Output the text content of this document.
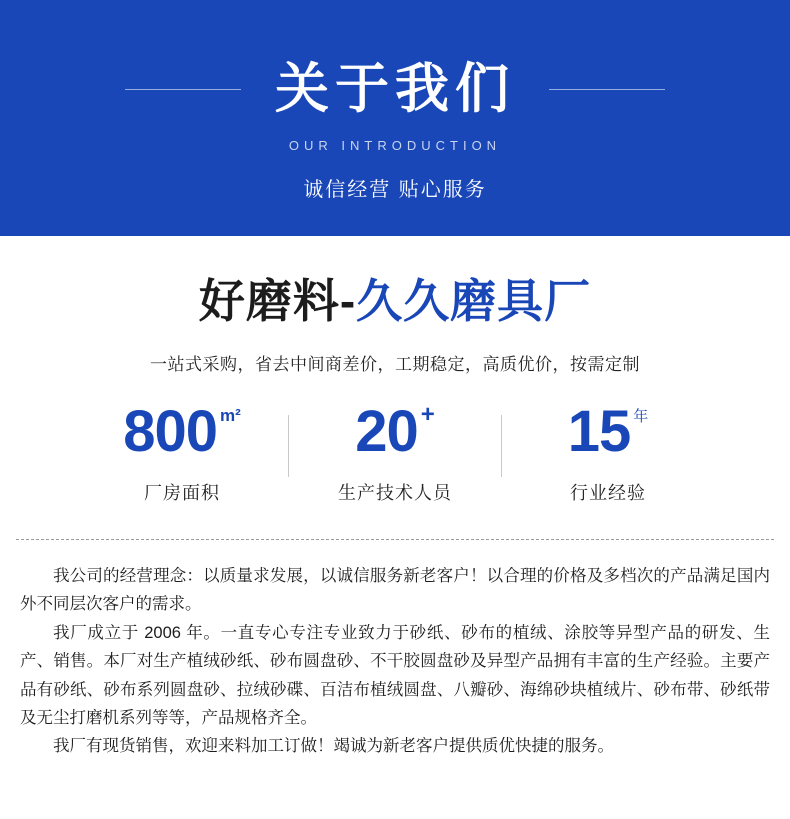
关于我们
OUR INTRODUCTION
诚信经营 贴心服务
好磨料-久久磨具厂
一站式采购，省去中间商差价，工期稳定，高质优价，按需定制
800 m²
厂房面积
20 +
生产技术人员
15 年
行业经验

我公司的经营理念：以质量求发展，以诚信服务新老客户！以合理的价格及多档次的产品满足国内外不同层次客户的需求。

我厂成立于 2006 年。一直专心专注专业致力于砂纸、砂布的植绒、涂胶等异型产品的研发、生产、销售。本厂对生产植绒砂纸、砂布圆盘砂、不干胶圆盘砂及异型产品拥有丰富的生产经验。主要产品有砂纸、砂布系列圆盘砂、拉绒砂碟、百洁布植绒圆盘、八瓣砂、海绵砂块植绒片、砂布带、砂纸带及无尘打磨机系列等等，产品规格齐全。

我厂有现货销售，欢迎来料加工订做！竭诚为新老客户提供质优快捷的服务。
